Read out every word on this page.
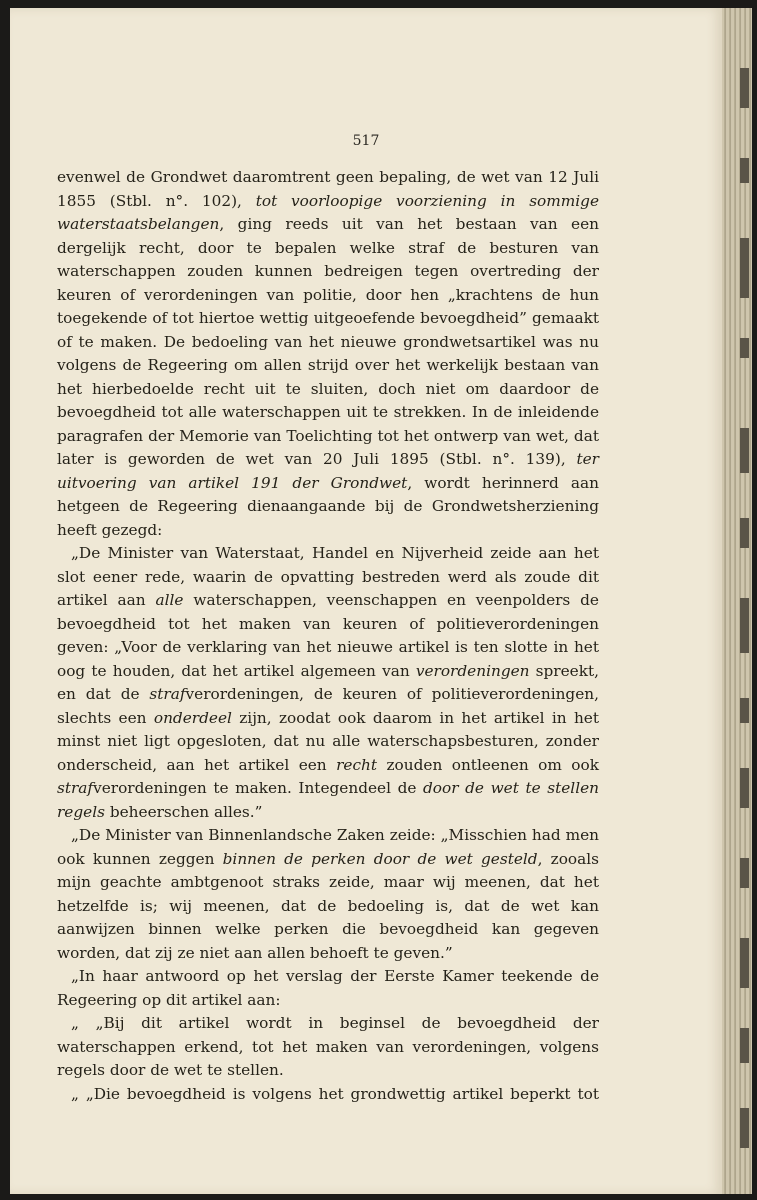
517

evenwel de Grondwet daaromtrent geen bepaling, de wet van 12 Juli 1855 (Stbl. n°. 102), tot voorloopige voorziening in sommige waterstaatsbelangen, ging reeds uit van het bestaan van een dergelijk recht, door te bepalen welke straf de besturen van waterschappen zouden kunnen bedreigen tegen overtreding der keuren of verordeningen van politie, door hen „krachtens de hun toegekende of tot hiertoe wettig uitgeoefende bevoegdheid” gemaakt of te maken. De bedoeling van het nieuwe grondwetsartikel was nu volgens de Regeering om allen strijd over het werkelijk bestaan van het hierbedoelde recht uit te sluiten, doch niet om daardoor de bevoegdheid tot alle waterschappen uit te strekken. In de inleidende paragrafen der Memorie van Toelichting tot het ontwerp van wet, dat later is geworden de wet van 20 Juli 1895 (Stbl. n°. 139), ter uitvoering van artikel 191 der Grondwet, wordt herinnerd aan hetgeen de Regeering dienaangaande bij de Grondwetsherziening heeft gezegd:

„De Minister van Waterstaat, Handel en Nijverheid zeide aan het slot eener rede, waarin de opvatting bestreden werd als zoude dit artikel aan alle waterschappen, veenschappen en veenpolders de bevoegdheid tot het maken van keuren of politieverordeningen geven: „Voor de verklaring van het nieuwe artikel is ten slotte in het oog te houden, dat het artikel algemeen van verordeningen spreekt, en dat de strafverordeningen, de keuren of politieverordeningen, slechts een onderdeel zijn, zoodat ook daarom in het artikel in het minst niet ligt opgesloten, dat nu alle waterschapsbesturen, zonder onderscheid, aan het artikel een recht zouden ontleenen om ook strafverordeningen te maken. Integendeel de door de wet te stellen regels beheerschen alles.”

„De Minister van Binnenlandsche Zaken zeide: „Misschien had men ook kunnen zeggen binnen de perken door de wet gesteld, zooals mijn geachte ambtgenoot straks zeide, maar wij meenen, dat het hetzelfde is; wij meenen, dat de bedoeling is, dat de wet kan aanwijzen binnen welke perken die bevoegdheid kan gegeven worden, dat zij ze niet aan allen behoeft te geven.”

„In haar antwoord op het verslag der Eerste Kamer teekende de Regeering op dit artikel aan:

„ „Bij dit artikel wordt in beginsel de bevoegdheid der waterschappen erkend, tot het maken van verordeningen, volgens regels door de wet te stellen.

„ „Die bevoegdheid is volgens het grondwettig artikel beperkt tot
